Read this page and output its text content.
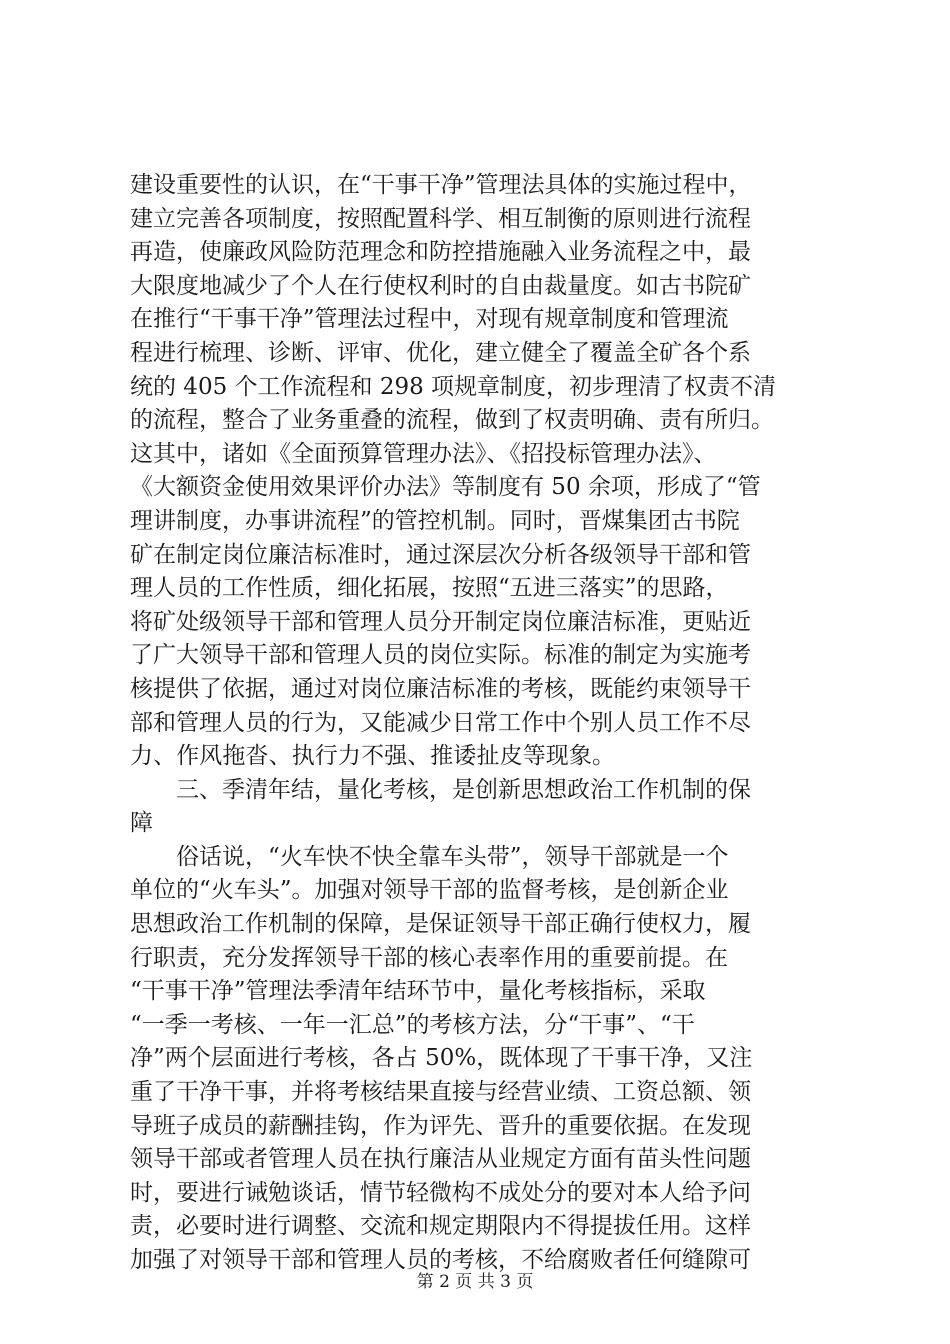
建设重要性的认识，在“干事干净”管理法具体的实施过程中，
建立完善各项制度，按照配置科学、相互制衡的原则进行流程
再造，使廉政风险防范理念和防控措施融入业务流程之中，最
大限度地减少了个人在行使权利时的自由裁量度。如古书院矿
在推行“干事干净”管理法过程中，对现有规章制度和管理流
程进行梳理、诊断、评审、优化，建立健全了覆盖全矿各个系
统的 405 个工作流程和 298 项规章制度，初步理清了权责不清
的流程，整合了业务重叠的流程，做到了权责明确、责有所归。
这其中，诸如《全面预算管理办法》、《招投标管理办法》、
《大额资金使用效果评价办法》等制度有 50 余项，形成了“管
理讲制度，办事讲流程”的管控机制。同时，晋煤集团古书院
矿在制定岗位廉洁标准时，通过深层次分析各级领导干部和管
理人员的工作性质，细化拓展，按照“五进三落实”的思路，
将矿处级领导干部和管理人员分开制定岗位廉洁标准，更贴近
了广大领导干部和管理人员的岗位实际。标准的制定为实施考
核提供了依据，通过对岗位廉洁标准的考核，既能约束领导干
部和管理人员的行为，又能减少日常工作中个别人员工作不尽
力、作风拖沓、执行力不强、推诿扯皮等现象。
　　三、季清年结，量化考核，是创新思想政治工作机制的保
障
　　俗话说，“火车快不快全靠车头带”，领导干部就是一个
单位的“火车头”。加强对领导干部的监督考核，是创新企业
思想政治工作机制的保障，是保证领导干部正确行使权力，履
行职责，充分发挥领导干部的核心表率作用的重要前提。在
“干事干净”管理法季清年结环节中，量化考核指标，采取
“一季一考核、一年一汇总”的考核方法，分“干事”、“干
净”两个层面进行考核，各占 50%，既体现了干事干净，又注
重了干净干事，并将考核结果直接与经营业绩、工资总额、领
导班子成员的薪酬挂钩，作为评先、晋升的重要依据。在发现
领导干部或者管理人员在执行廉洁从业规定方面有苗头性问题
时，要进行诫勉谈话，情节轻微构不成处分的要对本人给予问
责，必要时进行调整、交流和规定期限内不得提拔任用。这样
加强了对领导干部和管理人员的考核，不给腐败者任何缝隙可
第 2 页 共 3 页
